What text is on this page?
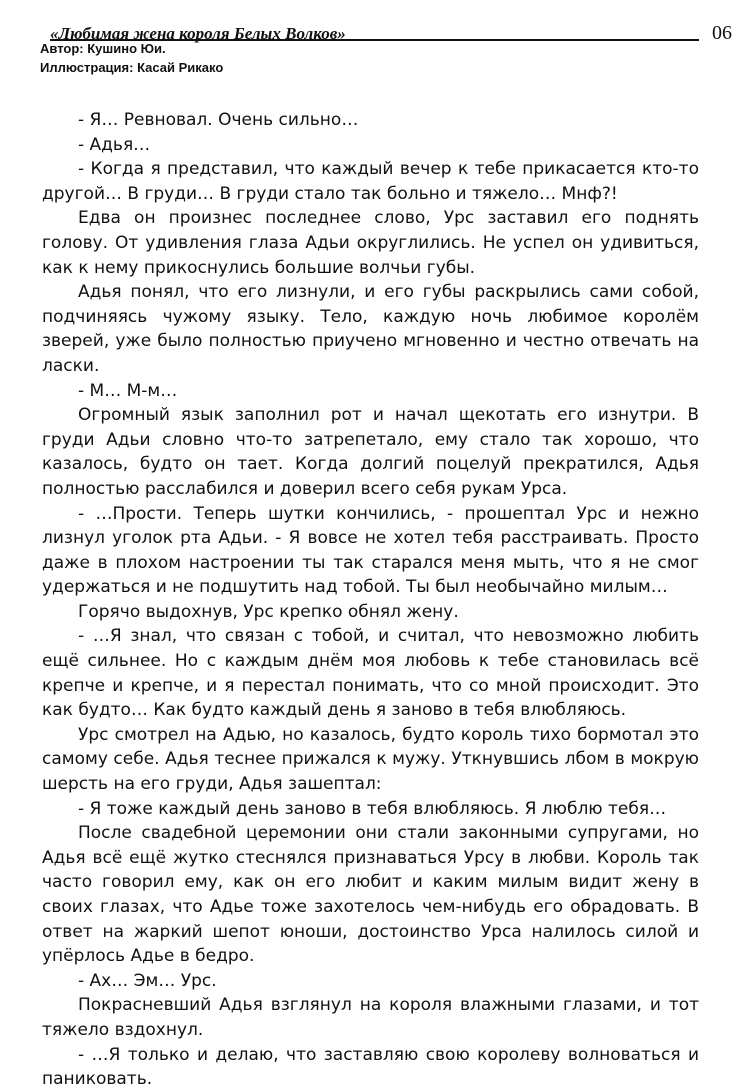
«Любимая жена короля Белых Волков»	06
Автор: Кушино Юи.
Иллюстрация: Касай Рикако

- Я… Ревновал. Очень сильно…

- Адья…

- Когда я представил, что каждый вечер к тебе прикасается кто-то другой… В груди… В груди стало так больно и тяжело… Мнф?!

Едва он произнес последнее слово, Урс заставил его поднять голову. От удивления глаза Адьи округлились. Не успел он удивиться, как к нему прикоснулись большие волчьи губы.

Адья понял, что его лизнули, и его губы раскрылись сами собой, подчиняясь чужому языку. Тело, каждую ночь любимое королём зверей, уже было полностью приучено мгновенно и честно отвечать на ласки.

- М… М-м…

Огромный язык заполнил рот и начал щекотать его изнутри. В груди Адьи словно что-то затрепетало, ему стало так хорошо, что казалось, будто он тает. Когда долгий поцелуй прекратился, Адья полностью расслабился и доверил всего себя рукам Урса.

- …Прости. Теперь шутки кончились, - прошептал Урс и нежно лизнул уголок рта Адьи. - Я вовсе не хотел тебя расстраивать. Просто даже в плохом настроении ты так старался меня мыть, что я не смог удержаться и не подшутить над тобой. Ты был необычайно милым…

Горячо выдохнув, Урс крепко обнял жену.

- …Я знал, что связан с тобой, и считал, что невозможно любить ещё сильнее. Но с каждым днём моя любовь к тебе становилась всё крепче и крепче, и я перестал понимать, что со мной происходит. Это как будто… Как будто каждый день я заново в тебя влюбляюсь.

Урс смотрел на Адью, но казалось, будто король тихо бормотал это самому себе. Адья теснее прижался к мужу. Уткнувшись лбом в мокрую шерсть на его груди, Адья зашептал:

- Я тоже каждый день заново в тебя влюбляюсь. Я люблю тебя…

После свадебной церемонии они стали законными супругами, но Адья всё ещё жутко стеснялся признаваться Урсу в любви. Король так часто говорил ему, как он его любит и каким милым видит жену в своих глазах, что Адье тоже захотелось чем-нибудь его обрадовать. В ответ на жаркий шепот юноши, достоинство Урса налилось силой и упёрлось Адье в бедро.

- Ах… Эм… Урс.

Покрасневший Адья взглянул на короля влажными глазами, и тот тяжело вздохнул.

- …Я только и делаю, что заставляю свою королеву волноваться и паниковать.
